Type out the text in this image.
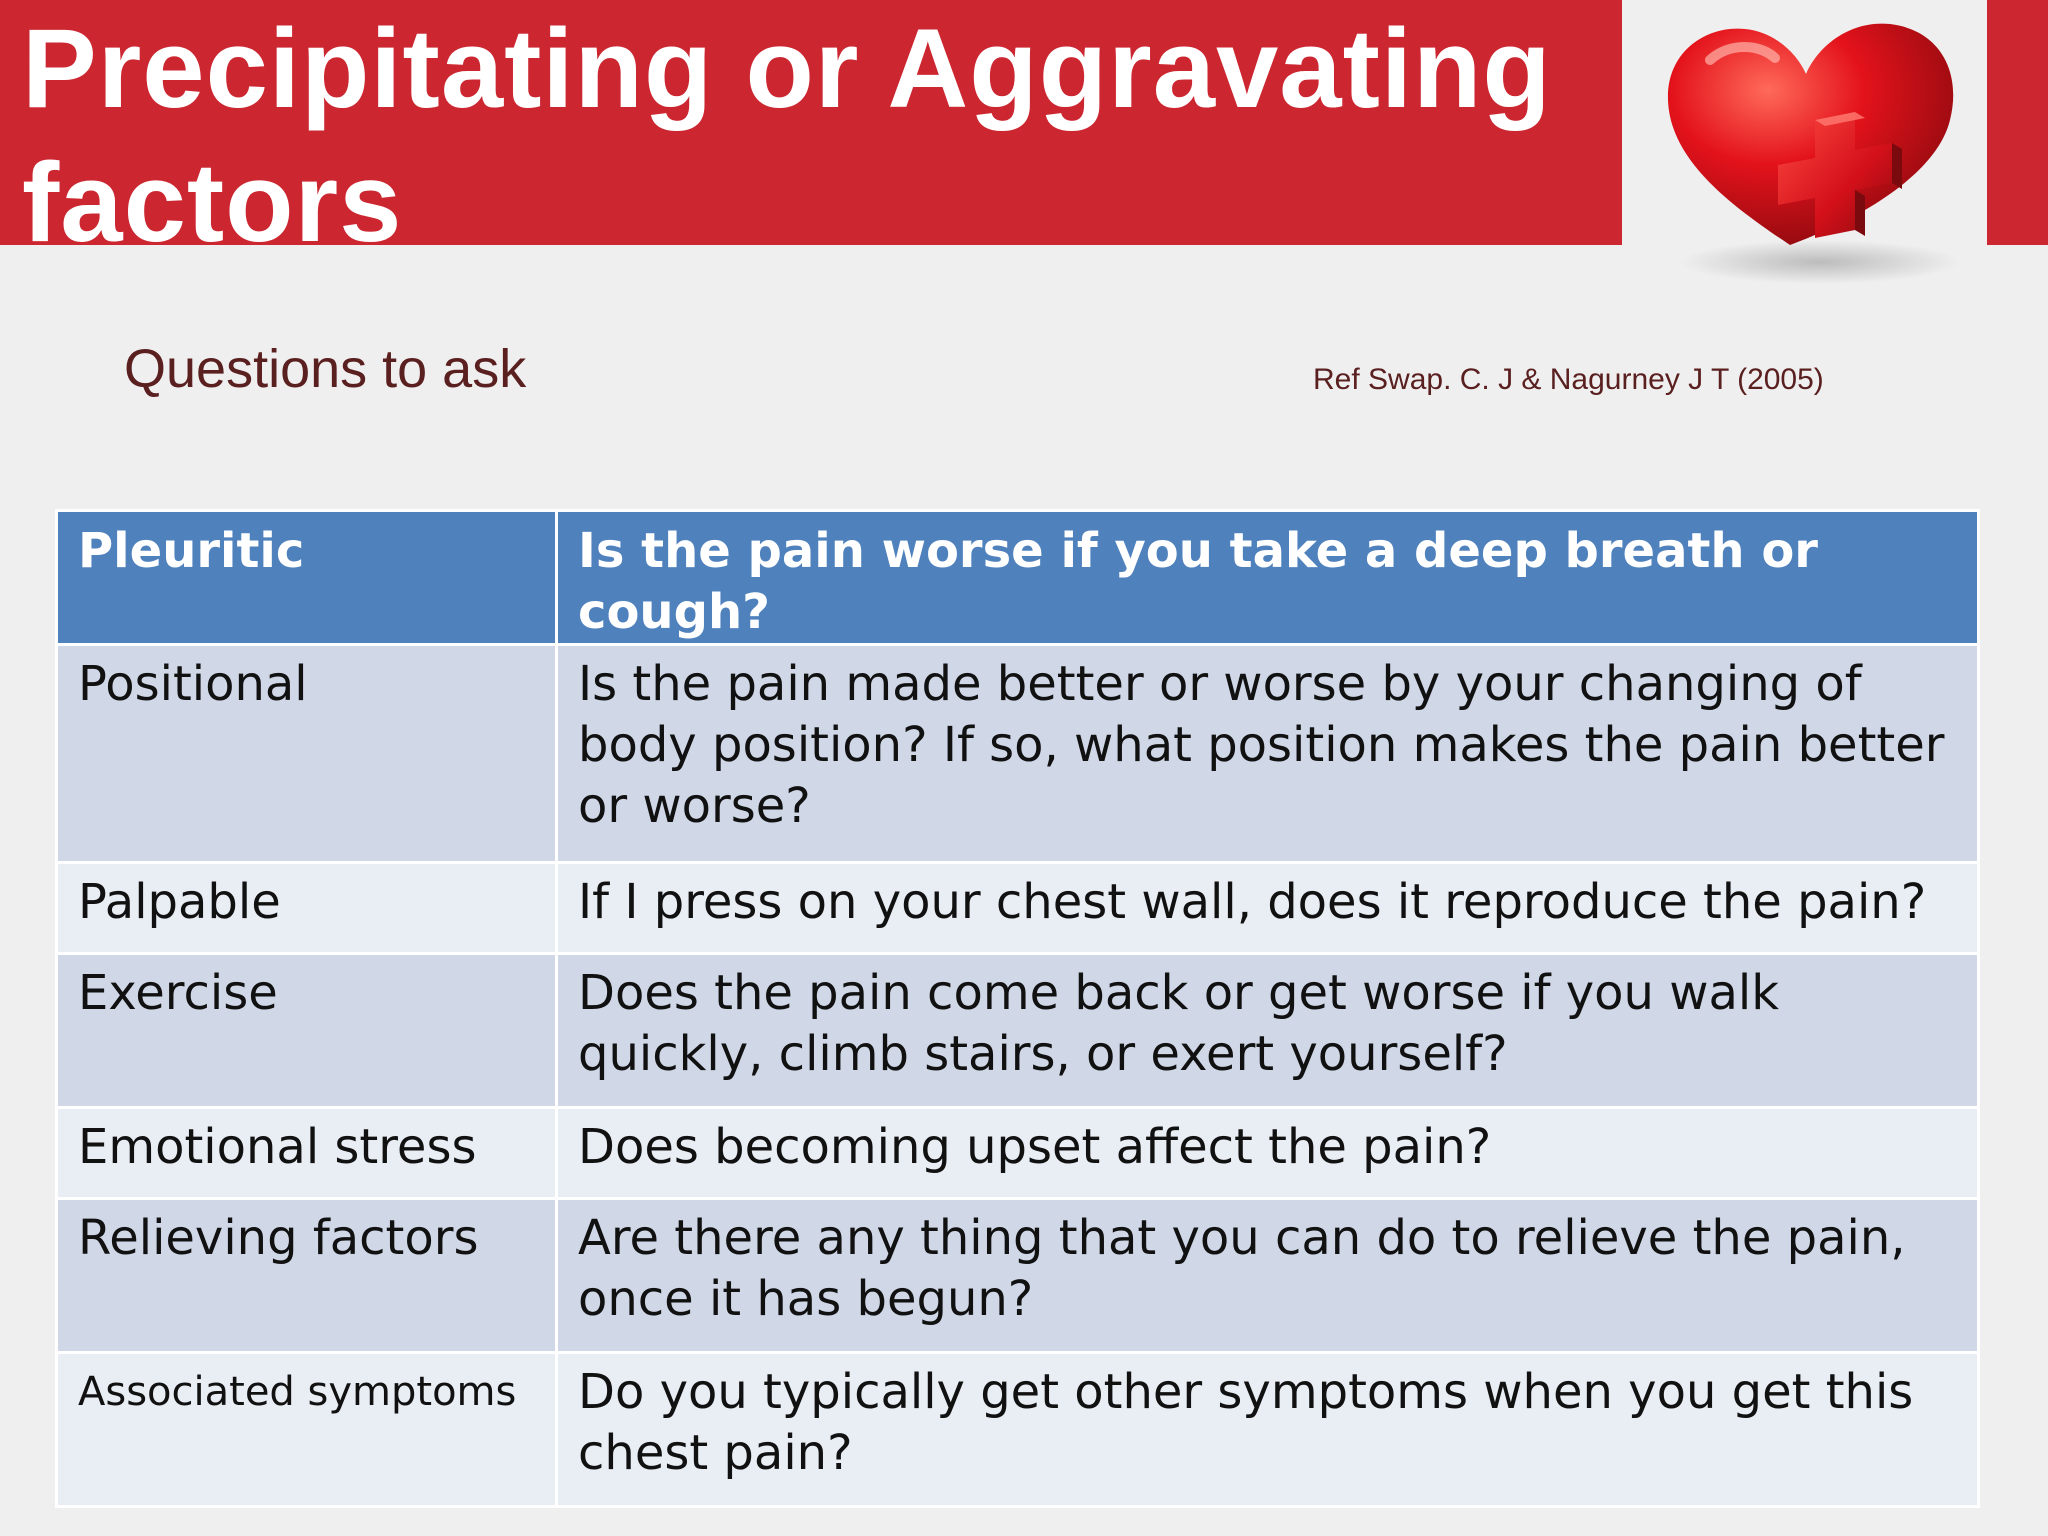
Precipitating or Aggravating factors
Questions to ask	Ref Swap. C. J & Nagurney J T (2005)
Pleuritic	Is the pain worse if you take a deep breath or cough?
Positional	Is the pain made better or worse by your changing of body position? If so, what position makes the pain better or worse?
Palpable	If I press on your chest wall, does it reproduce the pain?
Exercise	Does the pain come back or get worse if you walk quickly, climb stairs, or exert yourself?
Emotional stress	Does becoming upset affect the pain?
Relieving factors	Are there any thing that you can do to relieve the pain, once it has begun?
Associated symptoms	Do you typically get other symptoms when you get this chest pain?
